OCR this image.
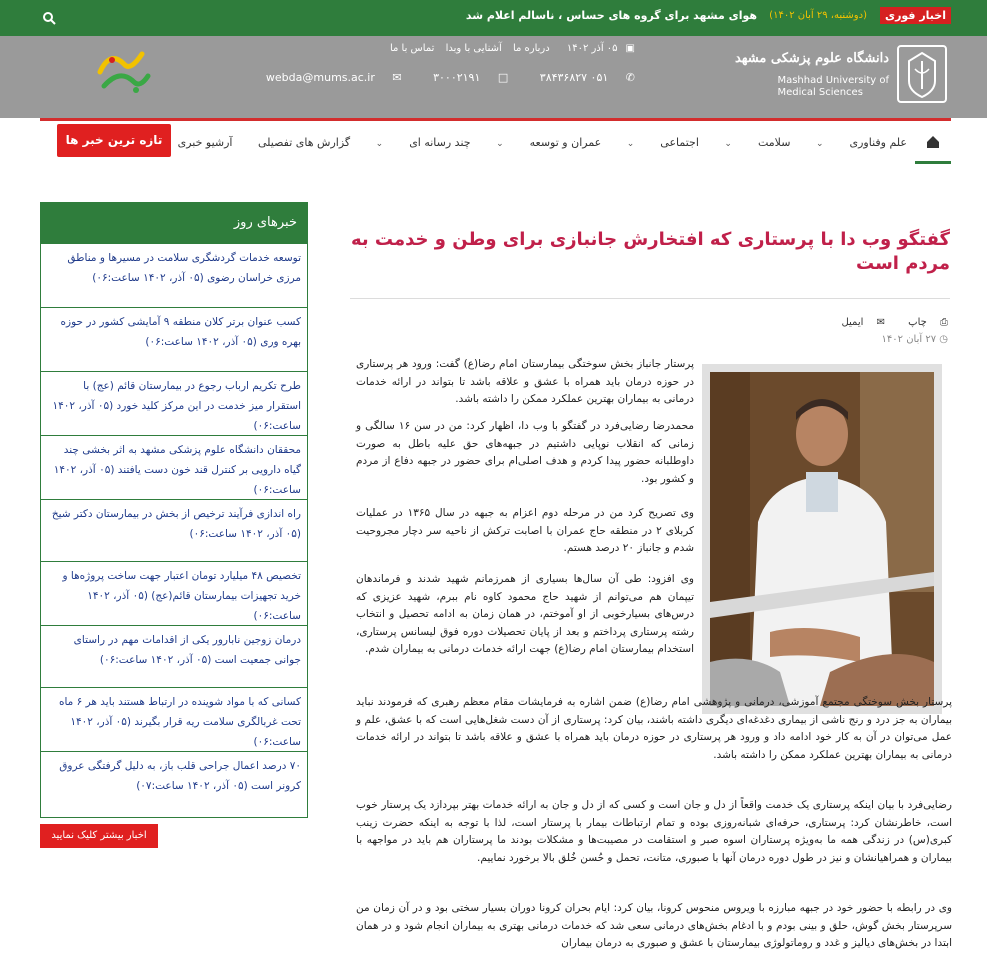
اخبار فوری
(دوشنبه، ۲۹ آبان ۱۴۰۲)
هوای مشهد برای گروه های حساس ، ناسالم اعلام شد
دانشگاه علوم پزشکی مشهد
Mashhad University of
Medical Sciences
▣۰۵ آذر ۱۴۰۲ درباره ما آشنایی با وبدا تماس با ما
✆ ۰۵۱ ۳۸۴۳۶۸۲۷ □ ۳۰۰۰۲۱۹۱ ✉ webda@mums.ac.ir
علم وفناوری⌄ سلامت⌄ اجتماعی⌄ عمران و توسعه⌄ چند رسانه ای⌄ گزارش های تفصیلی آرشیو خبری
تازه ترین خبر ها
خبرهای روز
توسعه خدمات گردشگری سلامت در مسیرها و مناطق مرزی خراسان رضوی (۰۵ آذر، ۱۴۰۲ ساعت:۰۶)
کسب عنوان برتر کلان منطقه ۹ آمایشی کشور در حوزه بهره وری (۰۵ آذر، ۱۴۰۲ ساعت:۰۶)
طرح تکریم ارباب رجوع در بیمارستان قائم (عج) با استقرار میز خدمت در این مرکز کلید خورد (۰۵ آذر، ۱۴۰۲ ساعت:۰۶)
محققان دانشگاه علوم پزشکی مشهد به اثر بخشی چند گیاه دارویی بر کنترل قند خون دست یافتند (۰۵ آذر، ۱۴۰۲ ساعت:۰۶)
راه اندازی فرآیند ترخیص از بخش در بیمارستان دکتر شیخ (۰۵ آذر، ۱۴۰۲ ساعت:۰۶)
تخصیص ۴۸ میلیارد تومان اعتبار جهت ساخت پروژه‌ها و خرید تجهیزات بیمارستان قائم(عج) (۰۵ آذر، ۱۴۰۲ ساعت:۰۶)
درمان زوجین نابارور یکی از اقدامات مهم در راستای جوانی جمعیت است (۰۵ آذر، ۱۴۰۲ ساعت:۰۶)
کسانی که با مواد شوینده در ارتباط هستند باید هر ۶ ماه تحت غربالگری سلامت ریه قرار بگیرند (۰۵ آذر، ۱۴۰۲ ساعت:۰۶)
۷۰ درصد اعمال جراحی قلب باز، به دلیل گرفتگی عروق کرونر است (۰۵ آذر، ۱۴۰۲ ساعت:۰۷)
اخبار بیشتر کلیک نمایید
گفتگو وب دا با پرستاری که افتخارش جانبازی برای وطن و خدمت به مردم است
⎙ چاپ ✉ ایمیل
◷ ۲۷ آبان ۱۴۰۲
پرستار جانباز بخش سوختگی بیمارستان امام رضا(ع) گفت: ورود هر پرستاری در حوزه درمان باید همراه با عشق و علاقه باشد تا بتواند در ارائه خدمات درمانی به بیماران بهترین عملکرد ممکن را داشته باشد.
محمدرضا رضایی‌فرد در گفتگو با وب دا، اظهار کرد: من در سن ۱۶ سالگی و زمانی که انقلاب نوپایی داشتیم در جبهه‌های حق علیه باطل به صورت داوطلبانه حضور پیدا کردم و هدف اصلی‌ام برای حضور در جبهه دفاع از مردم و کشور بود.
وی تصریح کرد من در مرحله دوم اعزام به جبهه در سال ۱۳۶۵ در عملیات کربلای ۲ در منطقه حاج عمران با اصابت ترکش از ناحیه سر دچار مجروحیت شدم و جانباز ۲۰ درصد هستم.
وی افزود: طی آن سال‌ها بسیاری از همرزمانم شهید شدند و فرماندهان تیپمان هم می‌توانم از شهید حاج محمود کاوه نام ببرم، شهید عزیزی که درس‌های بسیارخوبی از او آموختم، در همان زمان به ادامه تحصیل و انتخاب رشته پرستاری پرداختم و بعد از پایان تحصیلات دوره فوق لیسانس پرستاری، استخدام بیمارستان امام رضا(ع) جهت ارائه خدمات درمانی به بیماران شدم.
پرستار بخش سوختگی مجتمع آموزشی، درمانی و پژوهشی امام رضا(ع) ضمن اشاره به فرمایشات مقام معظم رهبری که فرمودند نباید بیماران به جز درد و رنج ناشی از بیماری دغدغه‌ای دیگری داشته باشند، بیان کرد: پرستاری از آن دست شغل‌هایی است که با عشق، علم و عمل می‌توان در آن به کار خود ادامه داد و ورود هر پرستاری در حوزه درمان باید همراه با عشق و علاقه باشد تا بتواند در ارائه خدمات درمانی به بیماران بهترین عملکرد ممکن را داشته باشد.
رضایی‌فرد با بیان اینکه پرستاری یک خدمت واقعاً از دل و جان است و کسی که از دل و جان به ارائه خدمات بهتر بپردازد یک پرستار خوب است، خاطرنشان کرد: پرستاری، حرفه‌ای شبانه‌روزی بوده و تمام ارتباطات بیمار با پرستار است، لذا با توجه به اینکه حضرت زینب کبری(س) در زندگی همه ما به‌ویژه پرستاران اسوه صبر و استقامت در مصیبت‌ها و مشکلات بودند ما پرستاران هم باید در مواجهه با بیماران و همراهیانشان و نیز در طول دوره درمان آنها با صبوری، متانت، تحمل و حُسن خُلق بالا برخورد نماییم.
وی در رابطه با حضور خود در جبهه مبارزه با ویروس منحوس کرونا، بیان کرد: ایام بحران کرونا دوران بسیار سختی بود و در آن زمان من سرپرستار بخش گوش، حلق و بینی بودم و با ادغام بخش‌های درمانی سعی شد که خدمات درمانی بهتری به بیماران انجام شود و در همان ابتدا در بخش‌های دیالیز و غدد و روماتولوژی بیمارستان با عشق و صبوری به درمان بیماران
